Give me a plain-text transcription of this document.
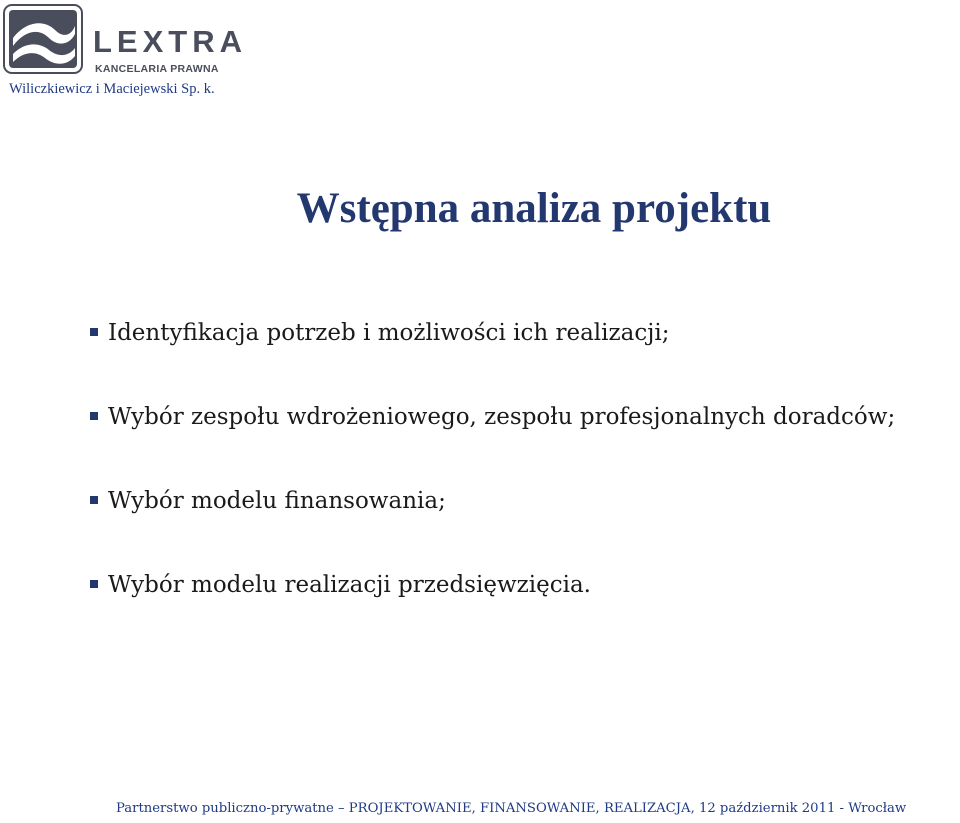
LEXTRA
KANCELARIA PRAWNA
Wiliczkiewicz i Maciejewski Sp. k.
Wstępna analiza projektu
Identyfikacja potrzeb i możliwości ich realizacji;
Wybór zespołu wdrożeniowego, zespołu profesjonalnych doradców;
Wybór modelu finansowania;
Wybór modelu realizacji przedsięwzięcia.
Partnerstwo publiczno-prywatne – PROJEKTOWANIE, FINANSOWANIE, REALIZACJA, 12 październik 2011 - Wrocław
